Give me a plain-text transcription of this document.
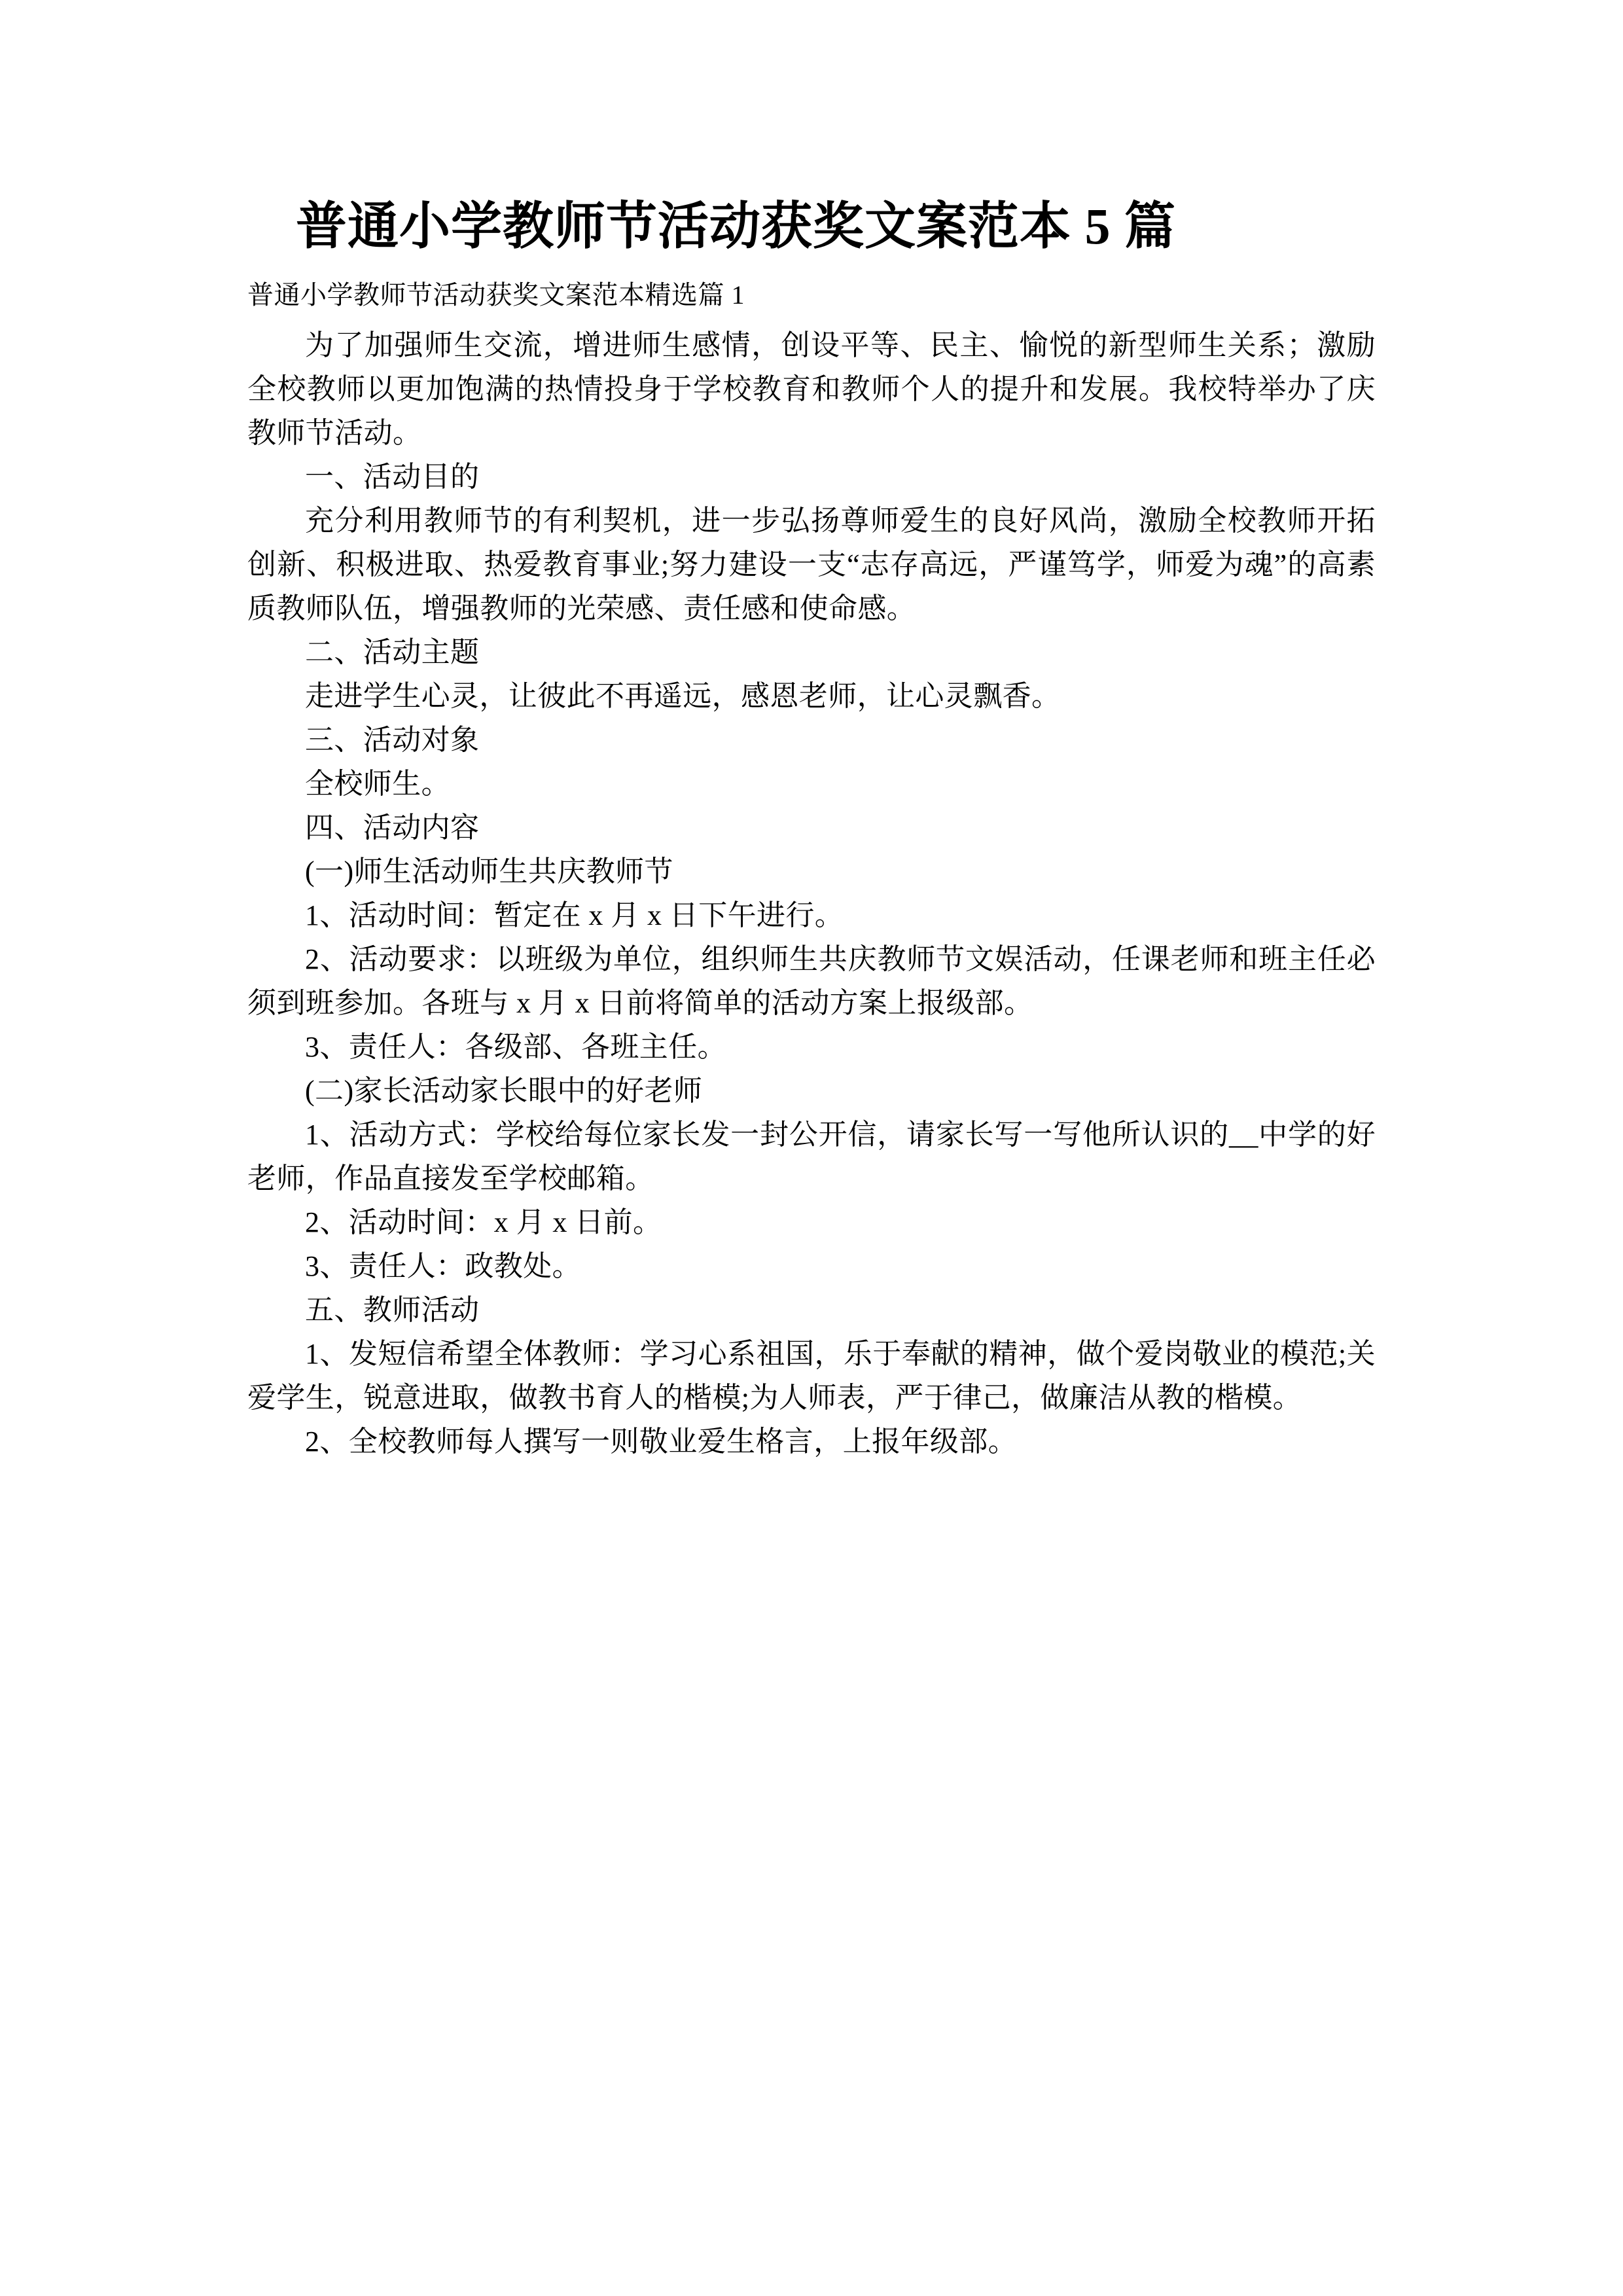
普通小学教师节活动获奖文案范本 5 篇

普通小学教师节活动获奖文案范本精选篇 1

为了加强师生交流，增进师生感情，创设平等、民主、愉悦的新型师生关系；激励全校教师以更加饱满的热情投身于学校教育和教师个人的提升和发展。我校特举办了庆教师节活动。

一、活动目的

充分利用教师节的有利契机，进一步弘扬尊师爱生的良好风尚，激励全校教师开拓创新、积极进取、热爱教育事业;努力建设一支“志存高远，严谨笃学，师爱为魂”的高素质教师队伍，增强教师的光荣感、责任感和使命感。

二、活动主题

走进学生心灵，让彼此不再遥远，感恩老师，让心灵飘香。

三、活动对象

全校师生。

四、活动内容

(一)师生活动师生共庆教师节

1、活动时间：暂定在 x 月 x 日下午进行。

2、活动要求：以班级为单位，组织师生共庆教师节文娱活动，任课老师和班主任必须到班参加。各班与 x 月 x 日前将简单的活动方案上报级部。

3、责任人：各级部、各班主任。

(二)家长活动家长眼中的好老师

1、活动方式：学校给每位家长发一封公开信，请家长写一写他所认识的__中学的好老师，作品直接发至学校邮箱。

2、活动时间：x 月 x 日前。

3、责任人：政教处。

五、教师活动

1、发短信希望全体教师：学习心系祖国，乐于奉献的精神，做个爱岗敬业的模范;关爱学生，锐意进取，做教书育人的楷模;为人师表，严于律己，做廉洁从教的楷模。

2、全校教师每人撰写一则敬业爱生格言，上报年级部。
